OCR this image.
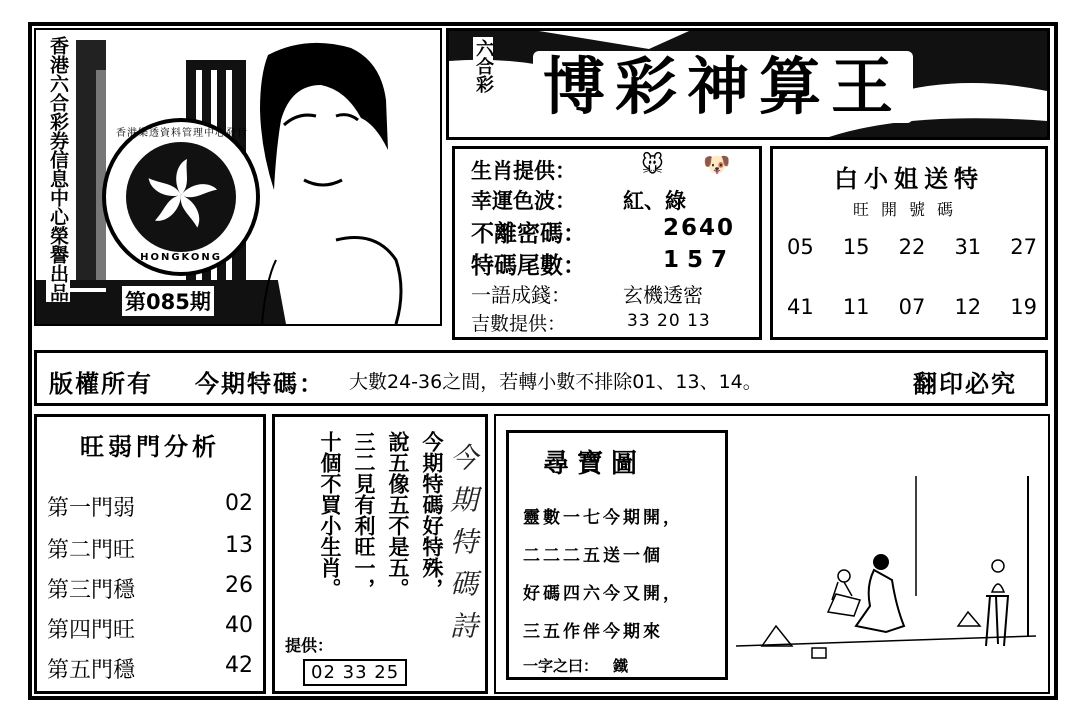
香港六合彩券信息中心榮譽出品	香港樂透資料管理中心發行
HONGKONG
第085期
六合彩 博彩神算王
生肖提供：	🐭 🐶
幸運色波： 紅、綠
不離密碼：	2640
特碼尾數：	157
一語成錢：	玄機透密
吉數提供：	33 20 13
白小姐送特
旺開號碼
05 15 22 31 27
41 11 07 12 19
版權所有 今期特碼： 大數24-36之間，若轉小數不排除01、13、14。	翻印必究
旺弱門分析
第一門弱	02
第二門旺	13
第三門穩	26
第四門旺	40
第五門穩	42
今期特碼好特殊，
說五像五不是五。
三二見有利旺一，
十個不買小生肖。	今期特碼詩
提供：
02 33 25
尋寶圖
靈數一七今期開，
二二二五送一個
好碼四六今又開，
三五作伴今期來
一字之曰： 鐵
